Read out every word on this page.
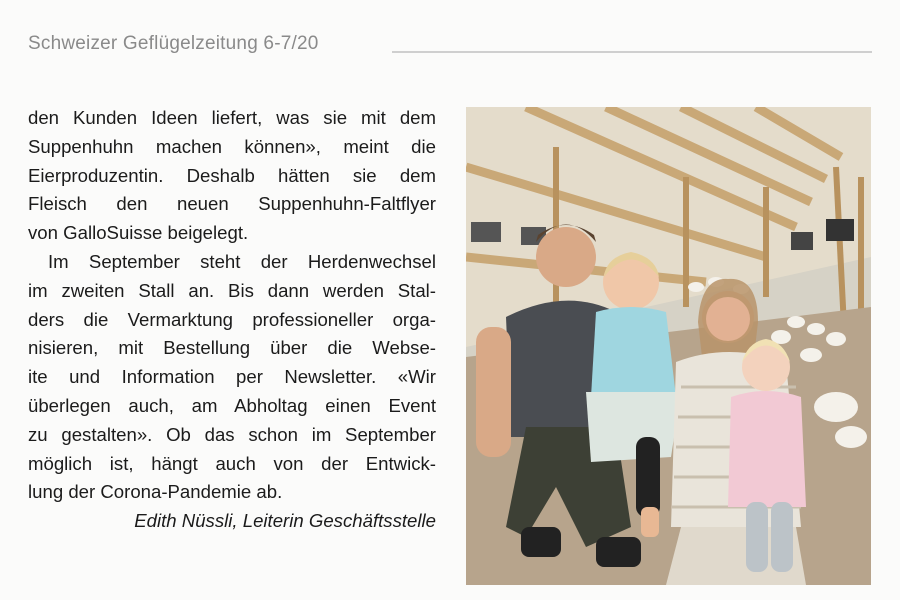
Schweizer Geflügelzeitung 6-7/20
den Kunden Ideen liefert, was sie mit dem
Suppenhuhn machen können», meint die
Eierproduzentin. Deshalb hätten sie dem
Fleisch den neuen Suppenhuhn-Faltflyer
von GalloSuisse beigelegt.
Im September steht der Herdenwechsel
im zweiten Stall an. Bis dann werden Stal-
ders die Vermarktung professioneller orga-
nisieren, mit Bestellung über die Webse-
ite und Information per Newsletter. «Wir
überlegen auch, am Abholtag einen Event
zu gestalten». Ob das schon im September
möglich ist, hängt auch von der Entwick-
lung der Corona-Pandemie ab.
Edith Nüssli, Leiterin Geschäftsstelle
